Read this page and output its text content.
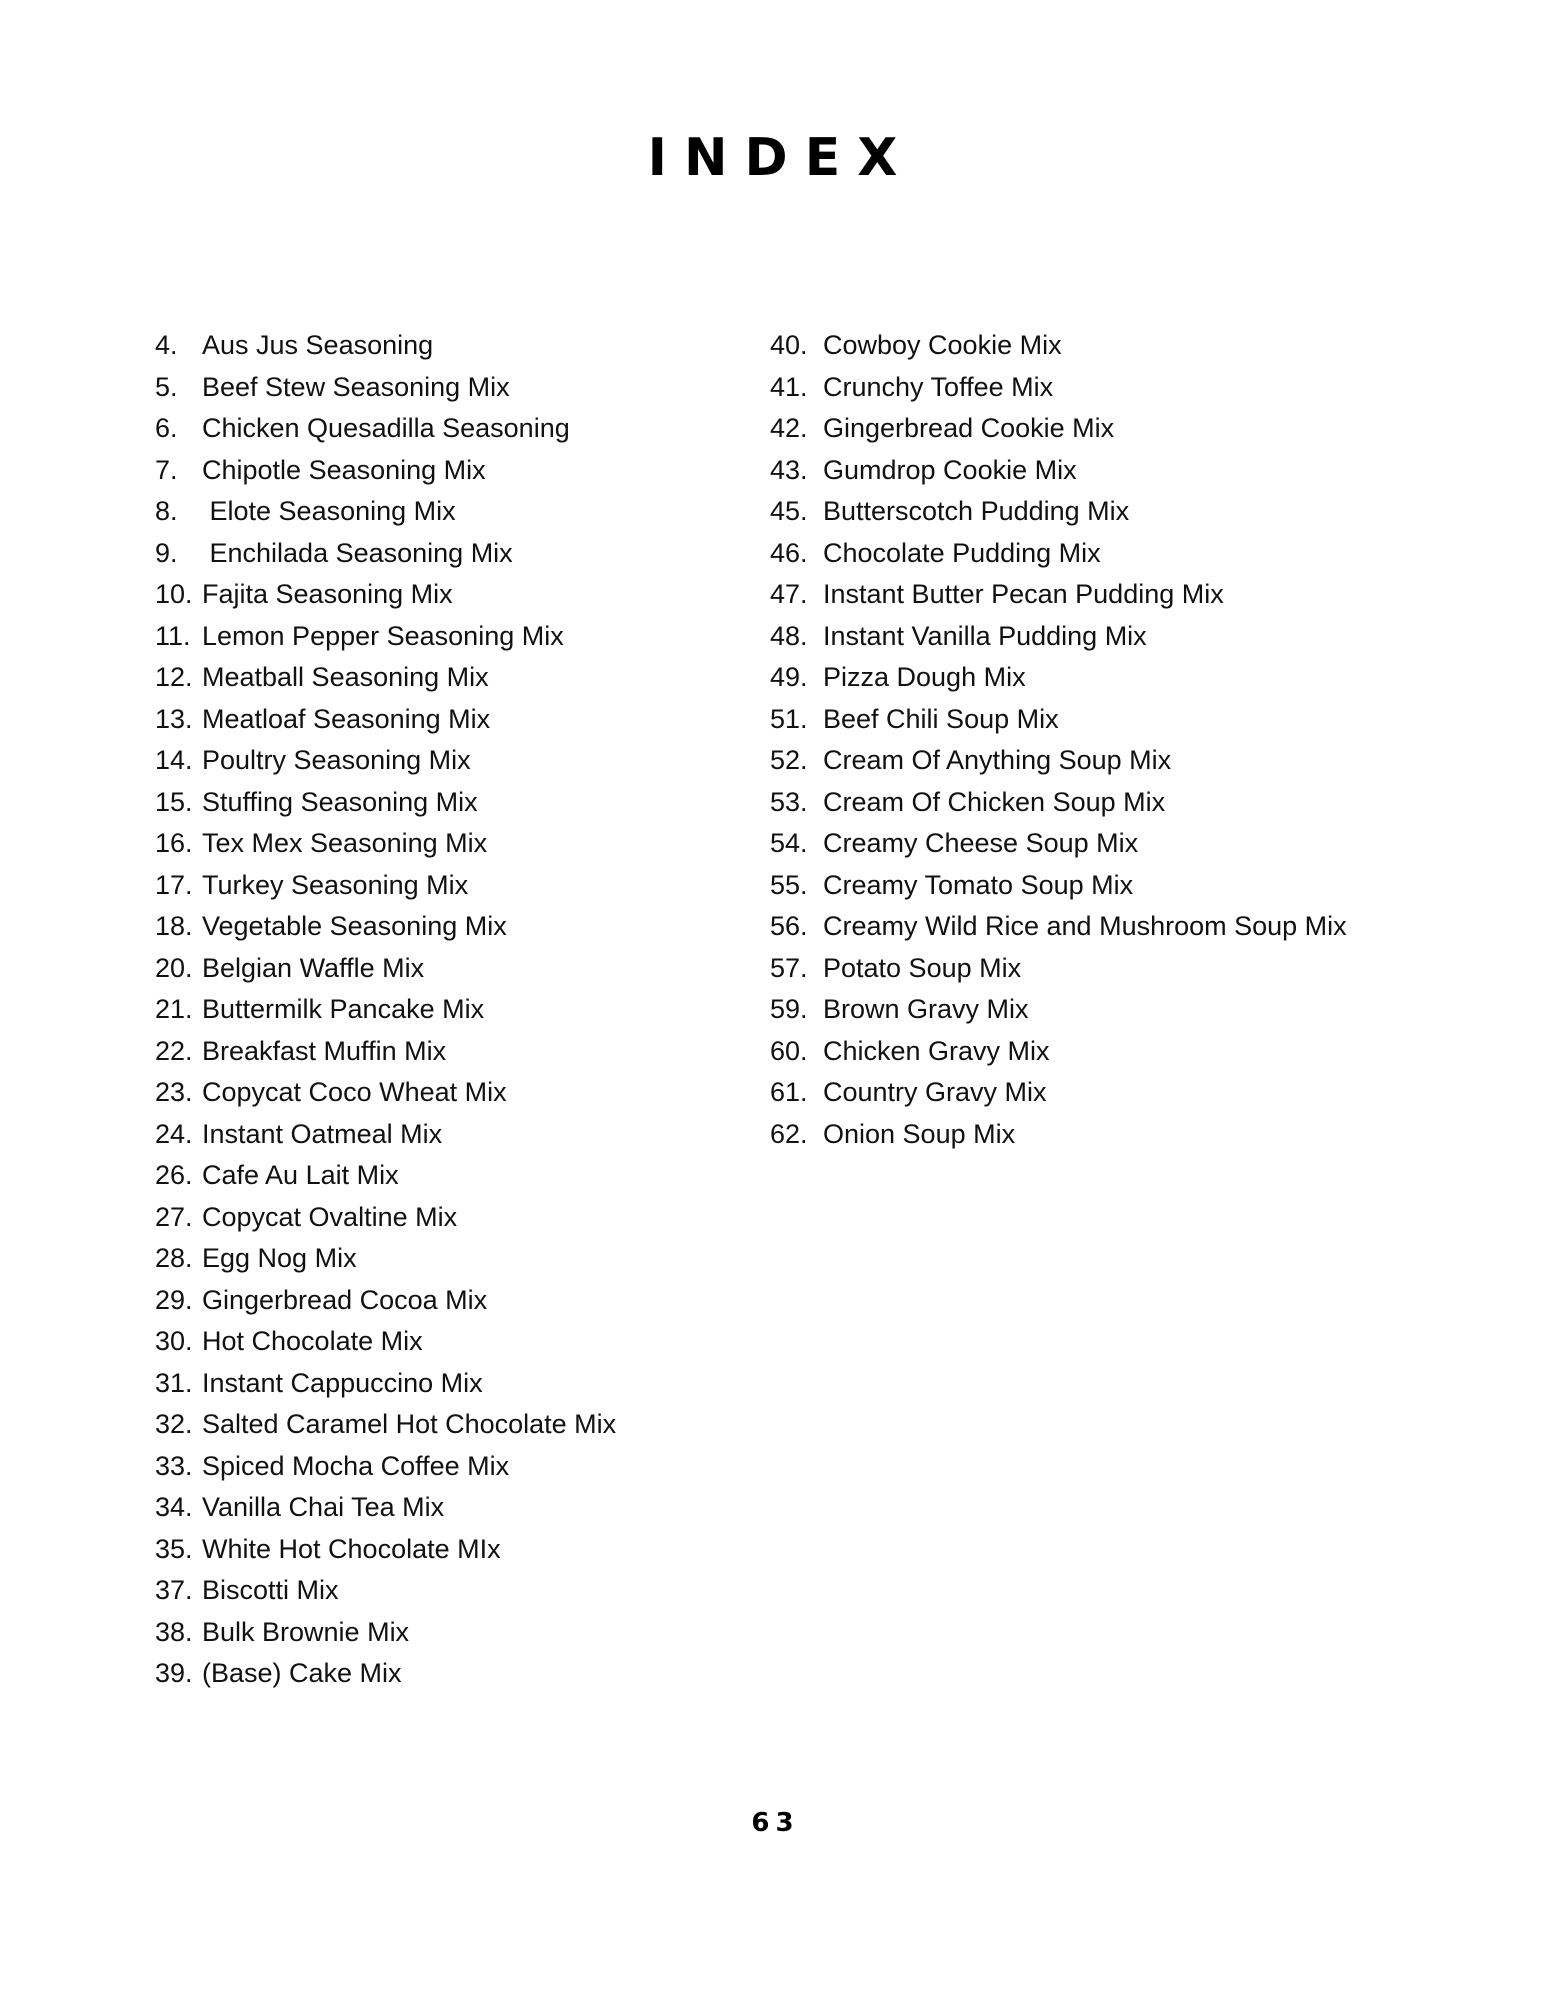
INDEX
4. Aus Jus Seasoning
5. Beef Stew Seasoning Mix
6. Chicken Quesadilla Seasoning
7. Chipotle Seasoning Mix
8. Elote Seasoning Mix
9. Enchilada Seasoning Mix
10. Fajita Seasoning Mix
11. Lemon Pepper Seasoning Mix
12. Meatball Seasoning Mix
13. Meatloaf Seasoning Mix
14. Poultry Seasoning Mix
15. Stuffing Seasoning Mix
16. Tex Mex Seasoning Mix
17. Turkey Seasoning Mix
18. Vegetable Seasoning Mix
20. Belgian Waffle Mix
21. Buttermilk Pancake Mix
22. Breakfast Muffin Mix
23. Copycat Coco Wheat Mix
24. Instant Oatmeal Mix
26. Cafe Au Lait Mix
27. Copycat Ovaltine Mix
28. Egg Nog Mix
29. Gingerbread Cocoa Mix
30. Hot Chocolate Mix
31. Instant Cappuccino Mix
32. Salted Caramel Hot Chocolate Mix
33. Spiced Mocha Coffee Mix
34. Vanilla Chai Tea Mix
35. White Hot Chocolate MIx
37. Biscotti Mix
38. Bulk Brownie Mix
39. (Base) Cake Mix
40. Cowboy Cookie Mix
41. Crunchy Toffee Mix
42. Gingerbread Cookie Mix
43. Gumdrop Cookie Mix
45. Butterscotch Pudding Mix
46. Chocolate Pudding Mix
47. Instant Butter Pecan Pudding Mix
48. Instant Vanilla Pudding Mix
49. Pizza Dough Mix
51. Beef Chili Soup Mix
52. Cream Of Anything Soup Mix
53. Cream Of Chicken Soup Mix
54. Creamy Cheese Soup Mix
55. Creamy Tomato Soup Mix
56. Creamy Wild Rice and Mushroom Soup Mix
57. Potato Soup Mix
59. Brown Gravy Mix
60. Chicken Gravy Mix
61. Country Gravy Mix
62. Onion Soup Mix
63
